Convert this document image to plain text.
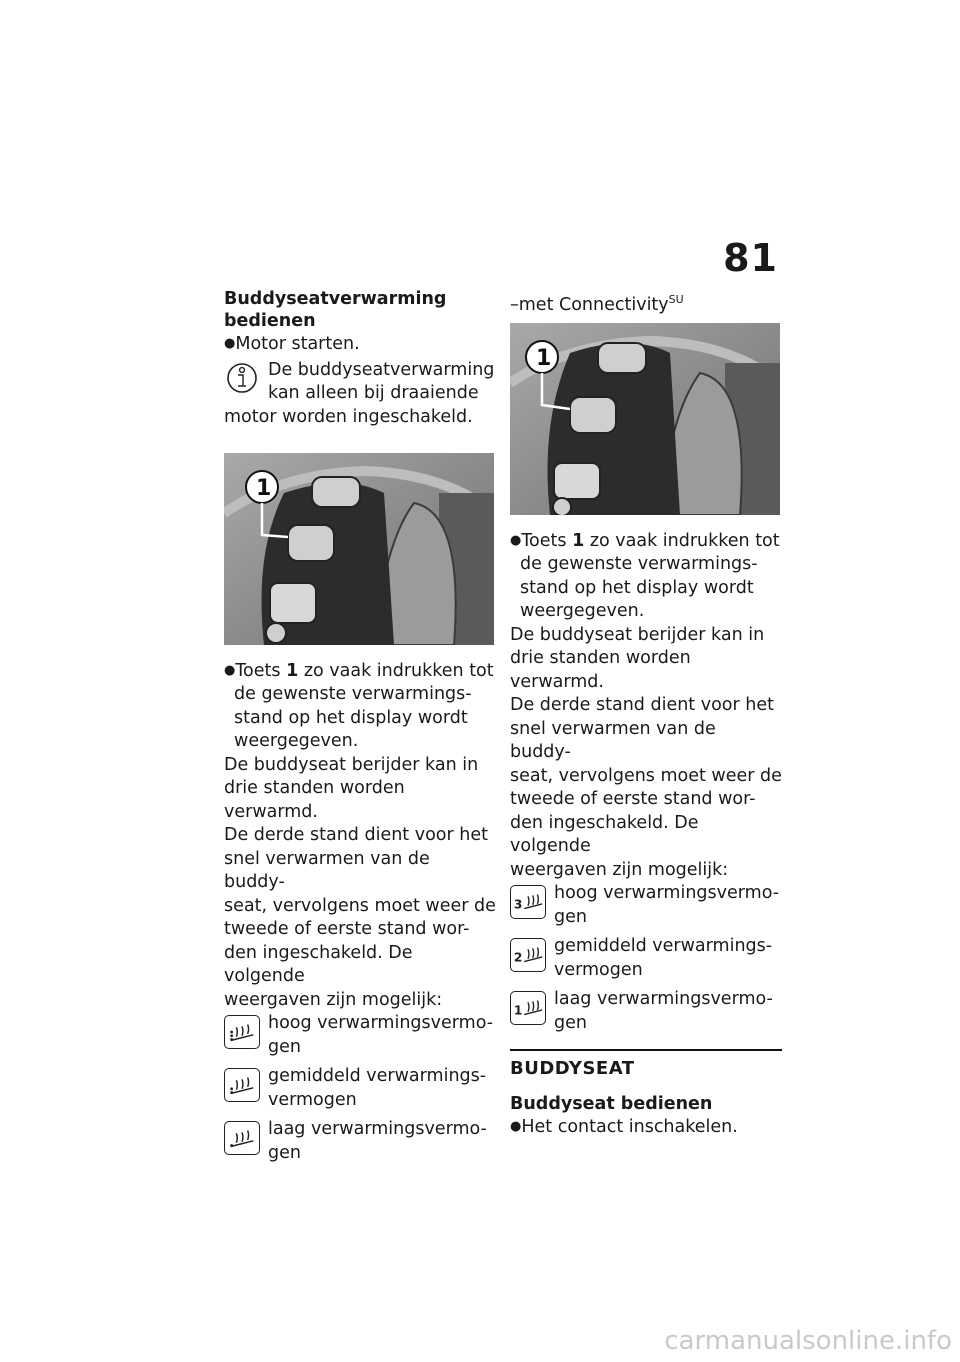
81

Buddyseatverwarming
bedienen

●Motor starten.

De buddyseatverwarming
kan alleen bij draaiende
motor worden ingeschakeld.
1

●Toets 1 zo vaak indrukken tot

de gewenste verwarmings-
stand op het display wordt
weergegeven.
De buddyseat berijder kan in
drie standen worden verwarmd.
De derde stand dient voor het
snel verwarmen van de buddy-
seat, vervolgens moet weer de
tweede of eerste stand wor-
den ingeschakeld. De volgende
weergaven zijn mogelijk:
hoog verwarmingsvermo-
gen
gemiddeld verwarmings-
vermogen
laag verwarmingsvermo-
gen

–met Connectivity$^{SU}$

1

●Toets 1 zo vaak indrukken tot

de gewenste verwarmings-
stand op het display wordt
weergegeven.
De buddyseat berijder kan in
drie standen worden verwarmd.
De derde stand dient voor het
snel verwarmen van de buddy-
seat, vervolgens moet weer de
tweede of eerste stand wor-
den ingeschakeld. De volgende
weergaven zijn mogelijk:
3
hoog verwarmingsvermo-
gen
2
gemiddeld verwarmings-
vermogen
1
laag verwarmingsvermo-
gen

BUDDYSEAT

Buddyseat bedienen

●Het contact inschakelen.

carmanualsonline.info
